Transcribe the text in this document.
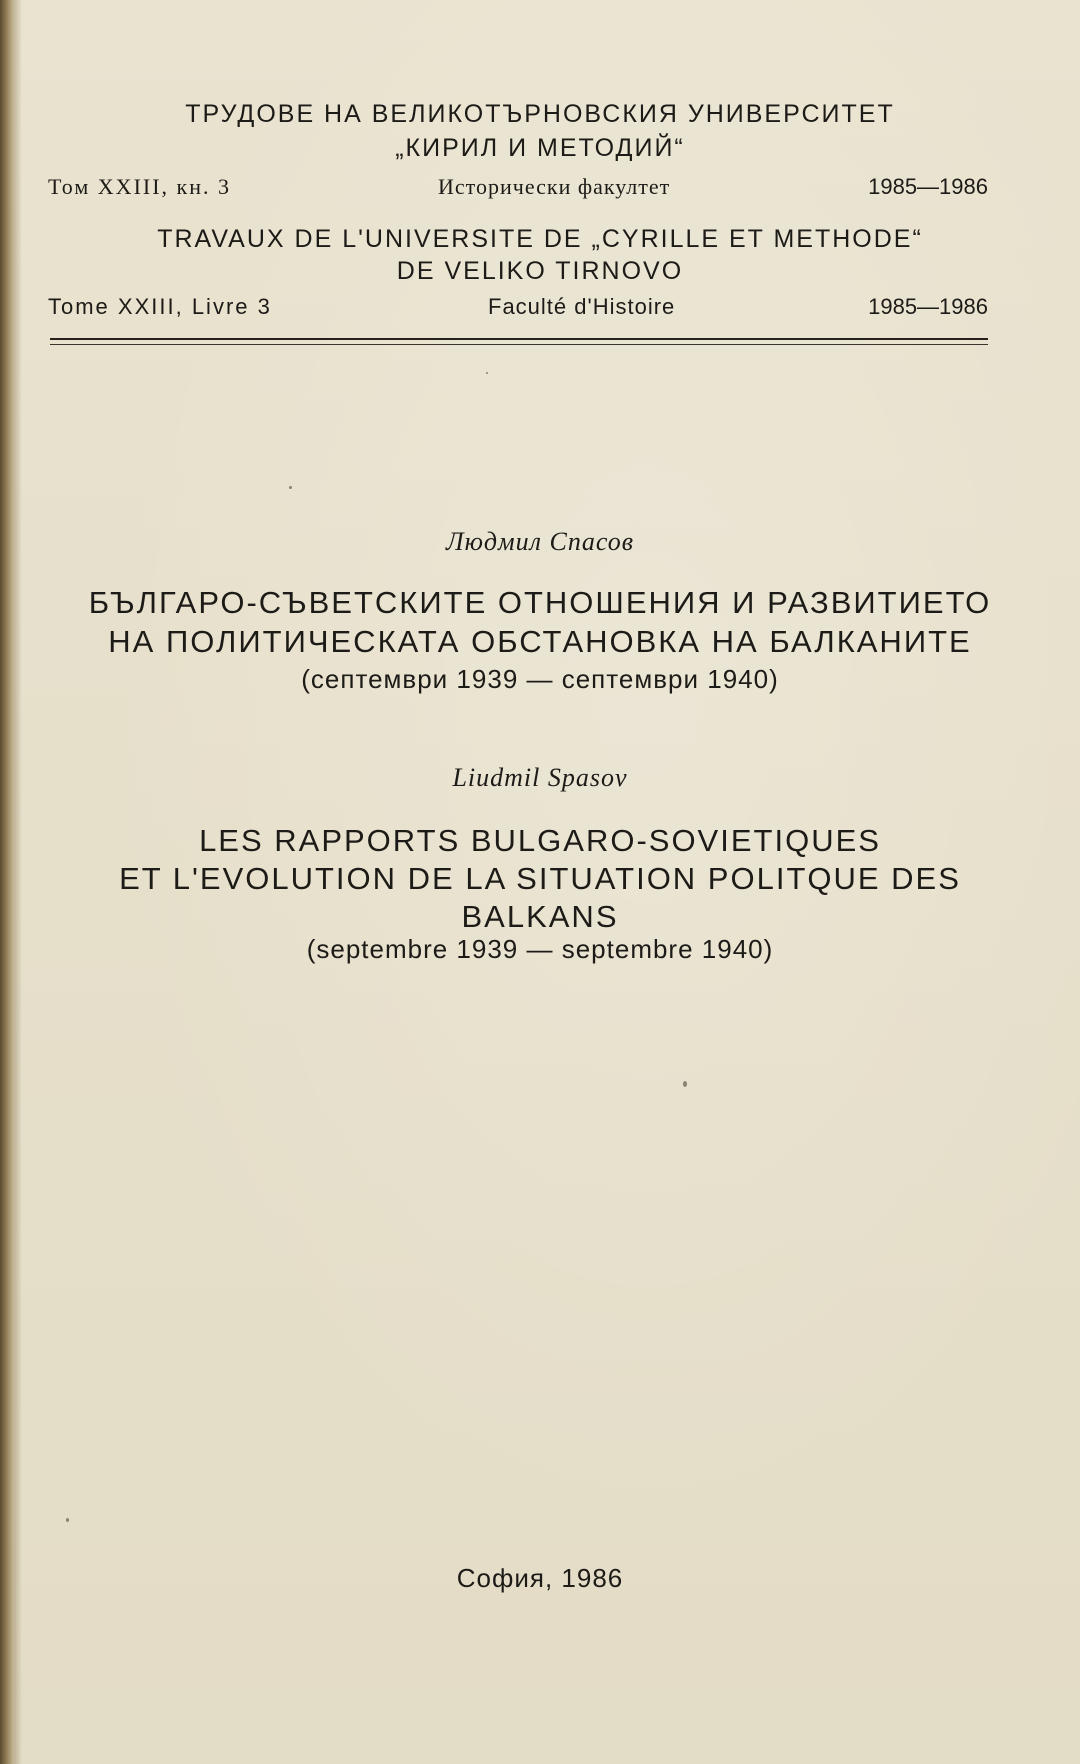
ТРУДОВЕ НА ВЕЛИКОТЪРНОВСКИЯ УНИВЕРСИТЕТ
„КИРИЛ И МЕТОДИЙ“
Том XXIII, кн. 3	Исторически факултет	1985—1986
TRAVAUX DE L'UNIVERSITE DE „CYRILLE ET METHODE“
DE VELIKO TIRNOVO
Tome XXIII, Livre 3	Faculté d'Histoire	1985—1986
Людмил Спасов
БЪЛГАРО-СЪВЕТСКИТЕ ОТНОШЕНИЯ И РАЗВИТИЕТО
НА ПОЛИТИЧЕСКАТА ОБСТАНОВКА НА БАЛКАНИТЕ
(септември 1939 — септември 1940)
Liudmil Spasov
LES RAPPORTS BULGARO-SOVIETIQUES
ET L'EVOLUTION DE LA SITUATION POLITQUE DES
BALKANS
(septembre 1939 — septembre 1940)
София, 1986
